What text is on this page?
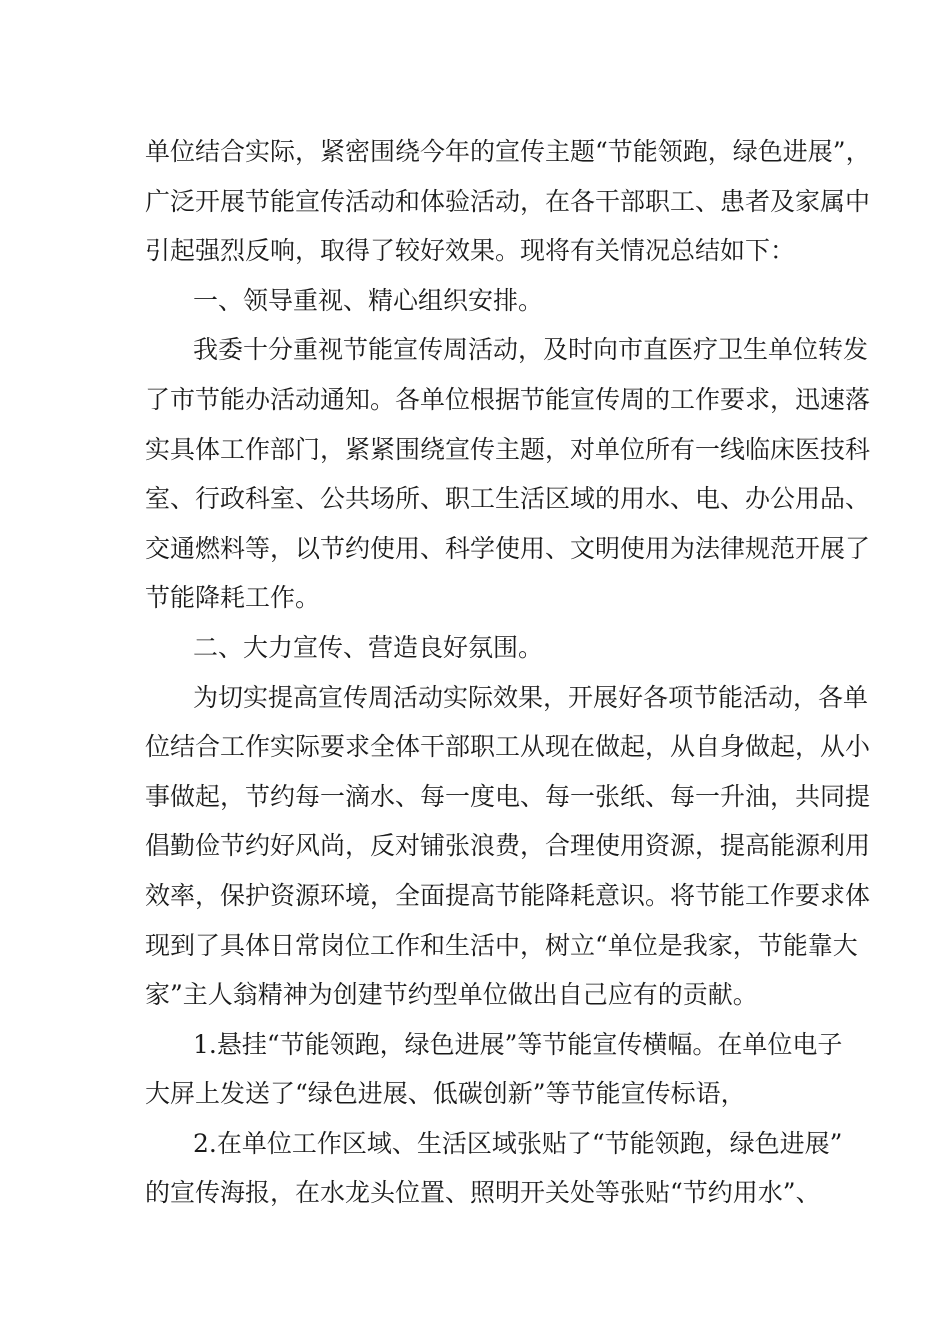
单位结合实际，紧密围绕今年的宣传主题“节能领跑，绿色进展”，
广泛开展节能宣传活动和体验活动，在各干部职工、患者及家属中
引起强烈反响，取得了较好效果。现将有关情况总结如下：
一、领导重视、精心组织安排。
我委十分重视节能宣传周活动，及时向市直医疗卫生单位转发
了市节能办活动通知。各单位根据节能宣传周的工作要求，迅速落
实具体工作部门，紧紧围绕宣传主题，对单位所有一线临床医技科
室、行政科室、公共场所、职工生活区域的用水、电、办公用品、
交通燃料等，以节约使用、科学使用、文明使用为法律规范开展了
节能降耗工作。
二、大力宣传、营造良好氛围。
为切实提高宣传周活动实际效果，开展好各项节能活动，各单
位结合工作实际要求全体干部职工从现在做起，从自身做起，从小
事做起，节约每一滴水、每一度电、每一张纸、每一升油，共同提
倡勤俭节约好风尚，反对铺张浪费，合理使用资源，提高能源利用
效率，保护资源环境，全面提高节能降耗意识。将节能工作要求体
现到了具体日常岗位工作和生活中，树立“单位是我家，节能靠大
家”主人翁精神为创建节约型单位做出自己应有的贡献。
1.悬挂“节能领跑，绿色进展”等节能宣传横幅。在单位电子
大屏上发送了“绿色进展、低碳创新”等节能宣传标语，
2.在单位工作区域、生活区域张贴了“节能领跑，绿色进展”
的宣传海报，在水龙头位置、照明开关处等张贴“节约用水”、
